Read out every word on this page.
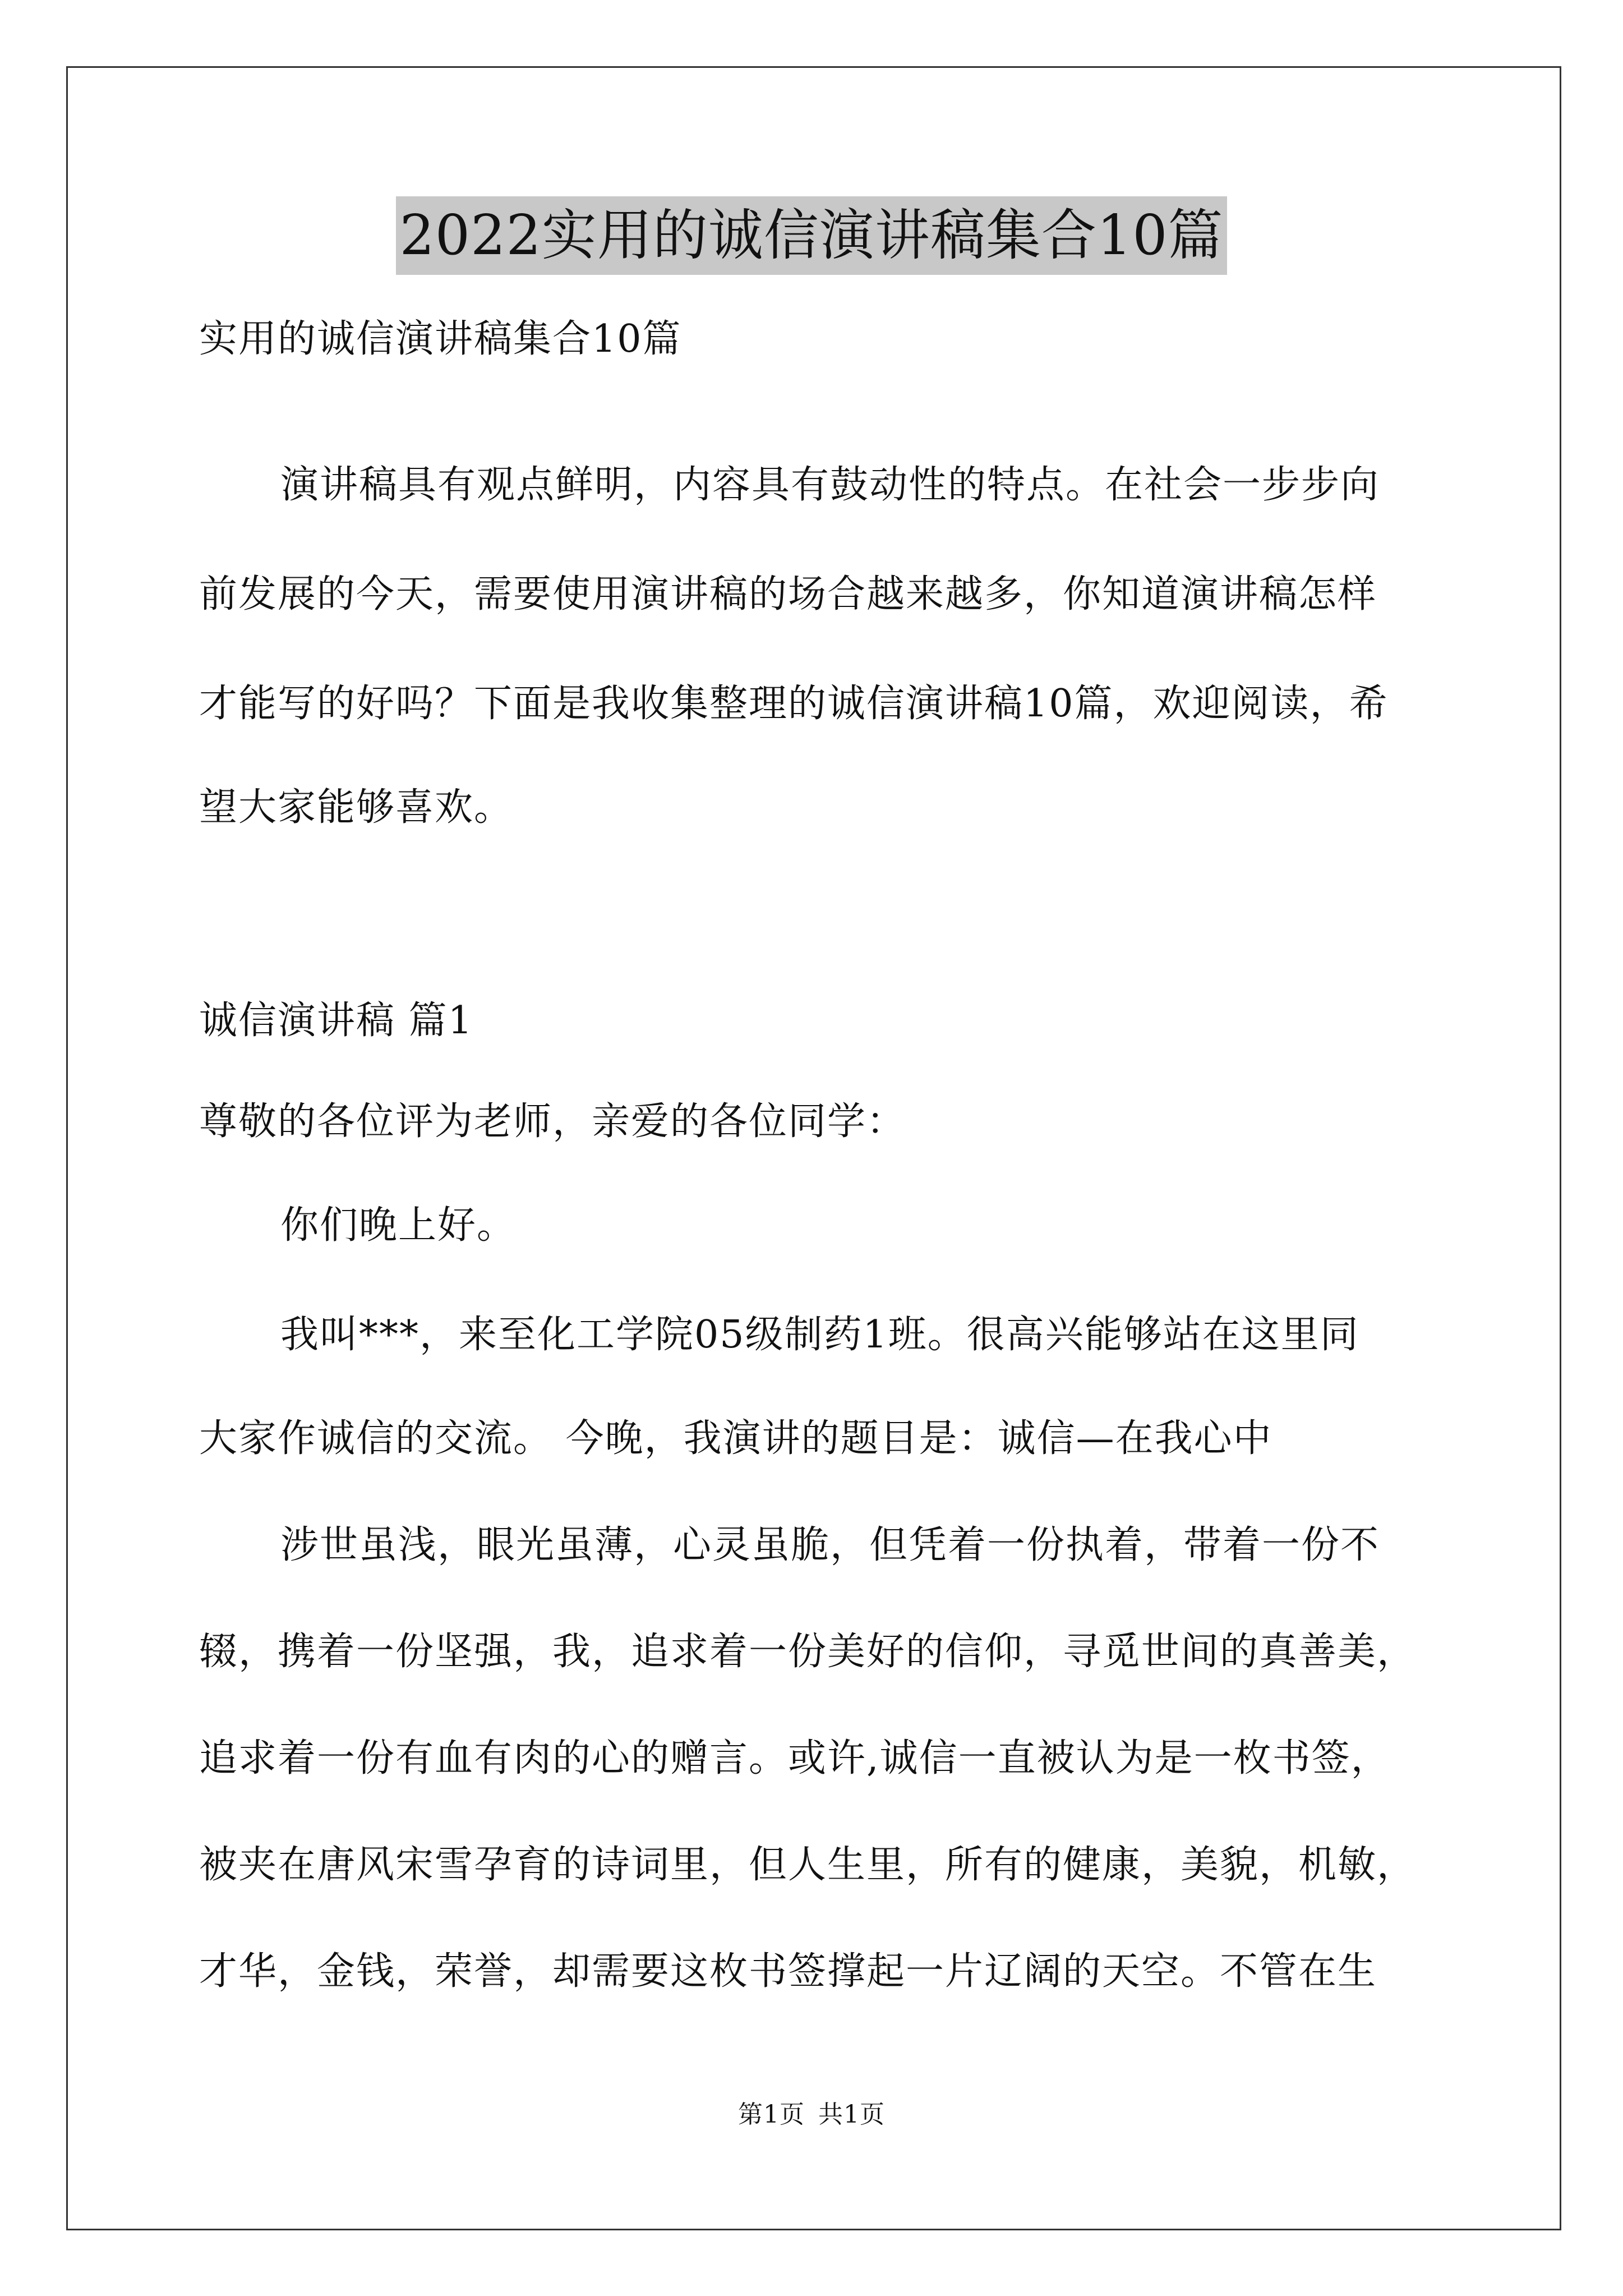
2022实用的诚信演讲稿集合10篇
实用的诚信演讲稿集合10篇
演讲稿具有观点鲜明，内容具有鼓动性的特点。在社会一步步向
前发展的今天，需要使用演讲稿的场合越来越多，你知道演讲稿怎样
才能写的好吗？下面是我收集整理的诚信演讲稿10篇，欢迎阅读，希
望大家能够喜欢。
诚信演讲稿 篇1
尊敬的各位评为老师，亲爱的各位同学：
你们晚上好。
我叫***，来至化工学院05级制药1班。很高兴能够站在这里同
大家作诚信的交流。 今晚，我演讲的题目是：诚信—在我心中
涉世虽浅，眼光虽薄，心灵虽脆，但凭着一份执着，带着一份不
辍，携着一份坚强，我，追求着一份美好的信仰，寻觅世间的真善美，
追求着一份有血有肉的心的赠言。或许,诚信一直被认为是一枚书签，
被夹在唐风宋雪孕育的诗词里，但人生里，所有的健康，美貌，机敏，
才华，金钱，荣誉，却需要这枚书签撑起一片辽阔的天空。不管在生
第1页 共1页
